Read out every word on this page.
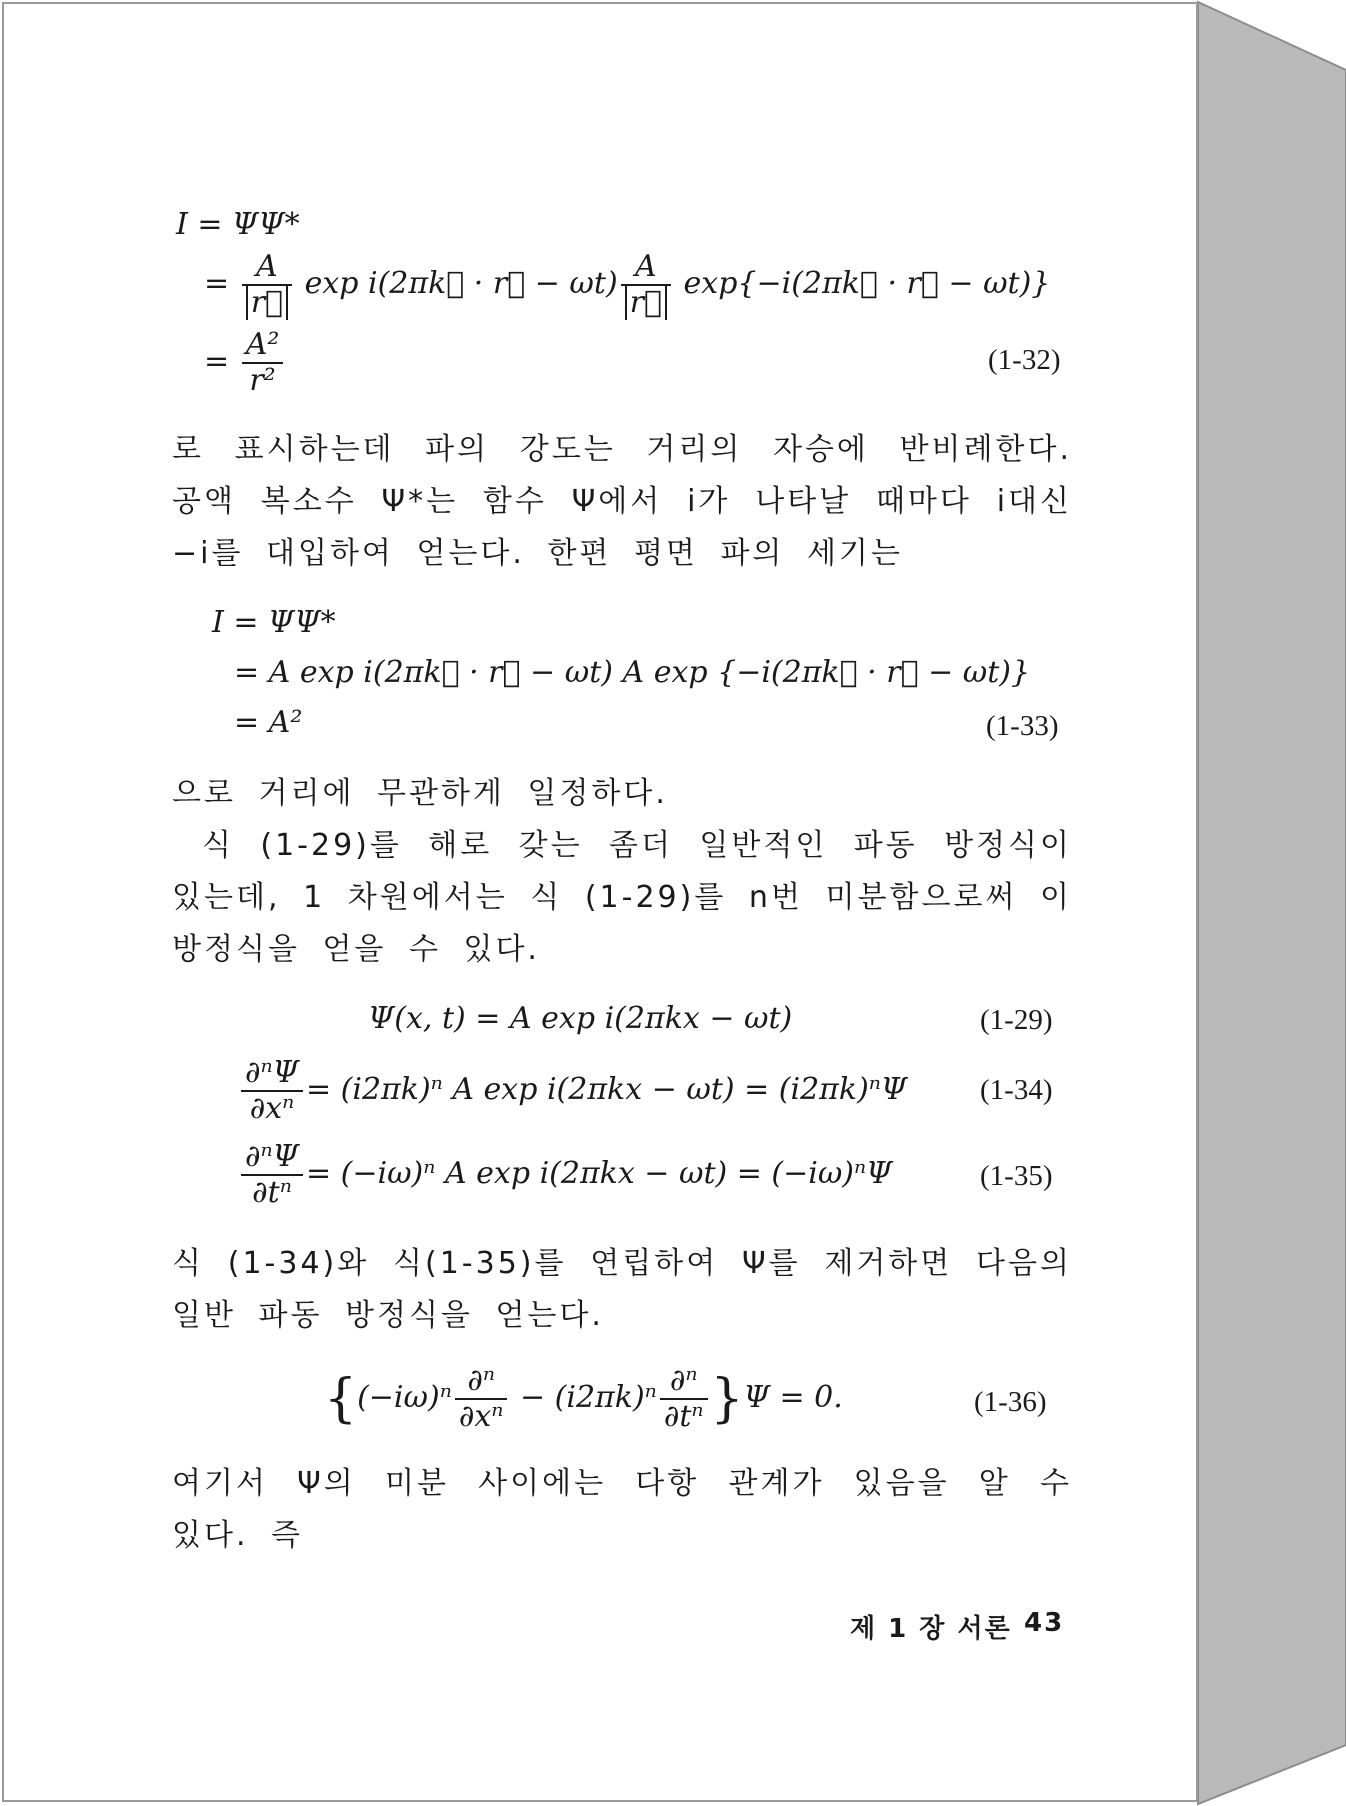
I = ΨΨ*
= $\frac{A}{r⃗}$ exp i(2πk⃗ · r⃗ − $\omega t) \frac{A}{r⃗}$ exp{−i(2πk⃗ · r⃗ − ωt)}
= $\frac{\text{A²}}{\text{r²}}$	(1-32)
로 표시하는데 파의 강도는 거리의 자승에 반비례한다. 공액 복소수 Ψ*는 함수 Ψ에서 i가 나타날 때마다 i대신 −i를 대입하여 얻는다. 한편 평면 파의 세기는
I = ΨΨ*
= A exp i(2πk⃗ · r⃗ − ωt) A exp {−i(2πk⃗ · r⃗ − ωt)}
= A²	(1-33)
으로 거리에 무관하게 일정하다.
식 (1-29)를 해로 갖는 좀더 일반적인 파동 방정식이 있는데, 1 차원에서는 식 (1-29)를 n번 미분함으로써 이 방정식을 얻을 수 있다.
Ψ(x, t) = A exp i(2πkx − ωt)	(1-29)
$\frac{\text{∂ⁿΨ}}{\text{∂xⁿ}} = (i2\pi k)^n$ A exp i(2πkx − ωt) = (i2πk)ⁿΨ	(1-34)
$\frac{\text{∂ⁿΨ}}{\text{∂tⁿ}} = (-i\omega)^n$ A exp i(2πkx − ωt) = (−iω)ⁿΨ	(1-35)
식 (1-34)와 식(1-35)를 연립하여 Ψ를 제거하면 다음의 일반 파동 방정식을 얻는다.
$\{(-i\omega)^n \frac{\text{∂ⁿ}}{\text{∂xⁿ}} - (i2\pi k)^n \frac{\text{∂ⁿ}}{\text{∂tⁿ}} \}\Psi = 0$.	(1-36)
여기서 Ψ의 미분 사이에는 다항 관계가 있음을 알 수 있다. 즉
제 1 장 서론 43
